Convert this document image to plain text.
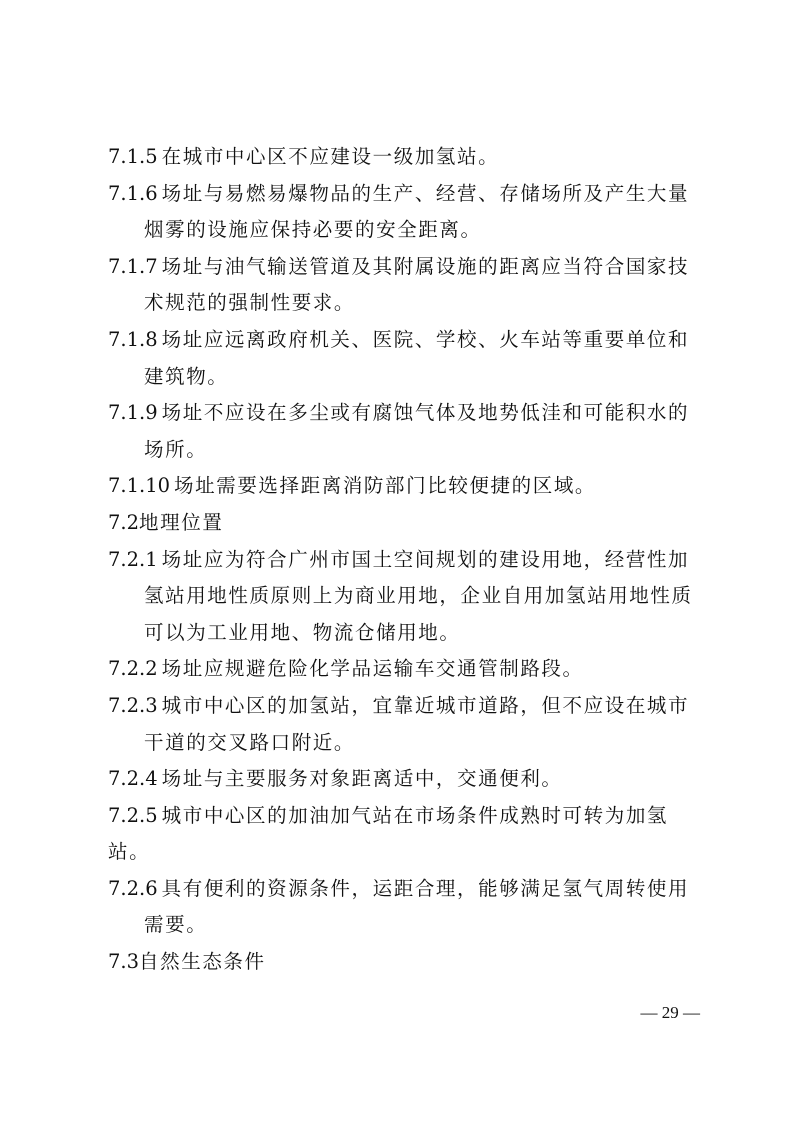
7.1.5 在城市中心区不应建设一级加氢站。

7.1.6 场址与易燃易爆物品的生产、经营、存储场所及产生大量
烟雾的设施应保持必要的安全距离。

7.1.7 场址与油气输送管道及其附属设施的距离应当符合国家技
术规范的强制性要求。

7.1.8 场址应远离政府机关、医院、学校、火车站等重要单位和
建筑物。

7.1.9 场址不应设在多尘或有腐蚀气体及地势低洼和可能积水的
场所。

7.1.10 场址需要选择距离消防部门比较便捷的区域。

7.2地理位置

7.2.1 场址应为符合广州市国土空间规划的建设用地，经营性加
氢站用地性质原则上为商业用地，企业自用加氢站用地性质
可以为工业用地、物流仓储用地。

7.2.2 场址应规避危险化学品运输车交通管制路段。

7.2.3 城市中心区的加氢站，宜靠近城市道路，但不应设在城市
干道的交叉路口附近。

7.2.4 场址与主要服务对象距离适中，交通便利。

7.2.5 城市中心区的加油加气站在市场条件成熟时可转为加氢站。

7.2.6 具有便利的资源条件，运距合理，能够满足氢气周转使用
需要。

7.3自然生态条件

— 29 —
